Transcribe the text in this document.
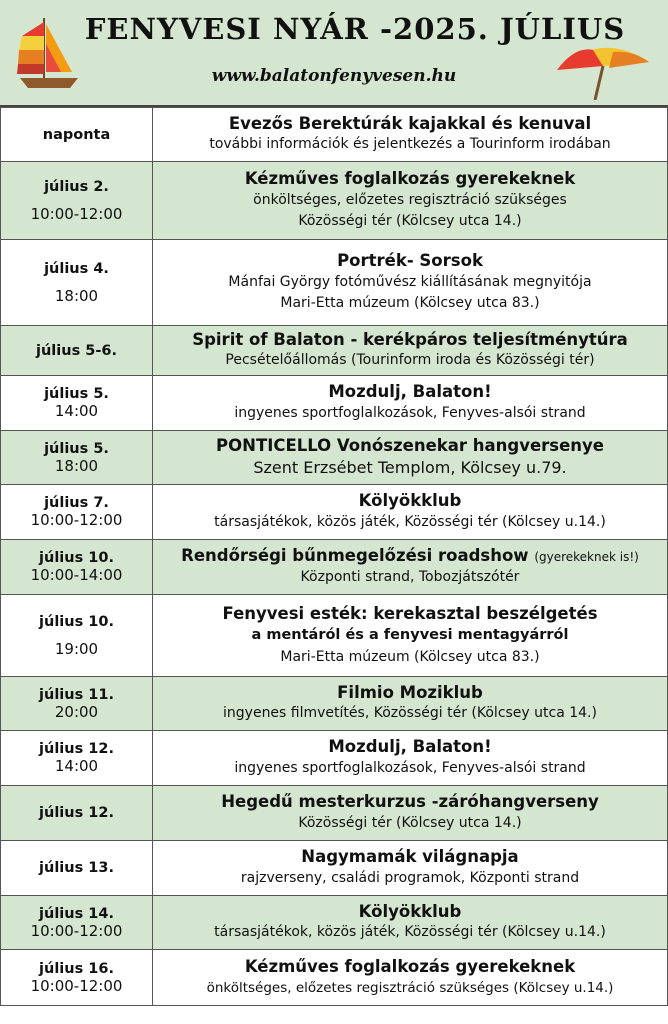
FENYVESI NYÁR -2025. JÚLIUS
www.balatonfenyvesen.hu
naponta	Evezős Berektúrák kajakkal és kenuval
további információk és jelentkezés a Tourinform irodában

július 2.
10:00-12:00	Kézműves foglalkozás gyerekeknek
önköltséges, előzetes regisztráció szükséges
Közösségi tér (Kölcsey utca 14.)

július 4.
18:00	Portrék- Sorsok
Mánfai György fotóművész kiállításának megnyitója
Mari-Etta múzeum (Kölcsey utca 83.)

július 5-6.	Spirit of Balaton - kerékpáros teljesítménytúra
Pecsételőállomás (Tourinform iroda és Közösségi tér)

július 5.
14:00	Mozdulj, Balaton!
ingyenes sportfoglalkozások, Fenyves-alsói strand

július 5.
18:00	PONTICELLO Vonószenekar hangversenye
Szent Erzsébet Templom, Kölcsey u.79.

július 7.
10:00-12:00	Kölyökklub
társasjátékok, közös játék, Közösségi tér (Kölcsey u.14.)

július 10.
10:00-14:00	Rendőrségi bűnmegelőzési roadshow (gyerekeknek is!)
Központi strand, Tobozjátszótér

július 10.
19:00	Fenyvesi esték: kerekasztal beszélgetés
a mentáról és a fenyvesi mentagyárról
Mari-Etta múzeum (Kölcsey utca 83.)

július 11.
20:00	Filmio Moziklub
ingyenes filmvetítés, Közösségi tér (Kölcsey utca 14.)

július 12.
14:00	Mozdulj, Balaton!
ingyenes sportfoglalkozások, Fenyves-alsói strand

július 12.	Hegedű mesterkurzus -záróhangverseny
Közösségi tér (Kölcsey utca 14.)

július 13.	Nagymamák világnapja
rajzverseny, családi programok, Központi strand

július 14.
10:00-12:00	Kölyökklub
társasjátékok, közös játék, Közösségi tér (Kölcsey u.14.)

július 16.
10:00-12:00	Kézműves foglalkozás gyerekeknek
önköltséges, előzetes regisztráció szükséges (Kölcsey u.14.)
